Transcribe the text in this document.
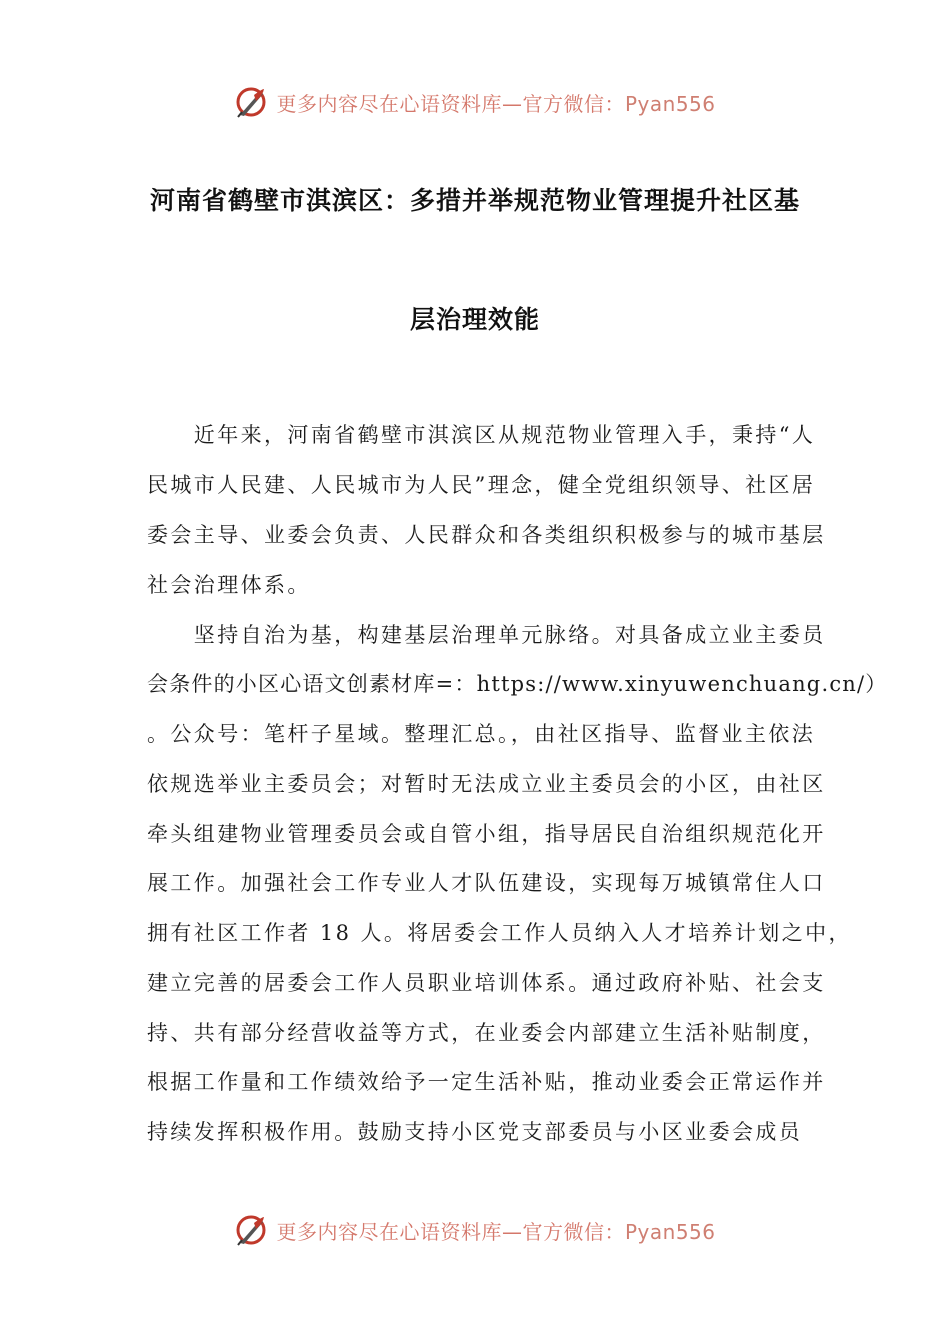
更多内容尽在心语资料库—官方微信：Pyan556
河南省鹤壁市淇滨区：多措并举规范物业管理提升社区基
层治理效能
　　近年来，河南省鹤壁市淇滨区从规范物业管理入手，秉持“人
民城市人民建、人民城市为人民”理念，健全党组织领导、社区居
委会主导、业委会负责、人民群众和各类组织积极参与的城市基层
社会治理体系。
　　坚持自治为基，构建基层治理单元脉络。对具备成立业主委员
会条件的小区心语文创素材库=：https://www.xinyuwenchuang.cn/）
。公众号：笔杆子星域。整理汇总。，由社区指导、监督业主依法
依规选举业主委员会；对暂时无法成立业主委员会的小区，由社区
牵头组建物业管理委员会或自管小组，指导居民自治组织规范化开
展工作。加强社会工作专业人才队伍建设，实现每万城镇常住人口
拥有社区工作者 18 人。将居委会工作人员纳入人才培养计划之中，
建立完善的居委会工作人员职业培训体系。通过政府补贴、社会支
持、共有部分经营收益等方式，在业委会内部建立生活补贴制度，
根据工作量和工作绩效给予一定生活补贴，推动业委会正常运作并
持续发挥积极作用。鼓励支持小区党支部委员与小区业委会成员
更多内容尽在心语资料库—官方微信：Pyan556
